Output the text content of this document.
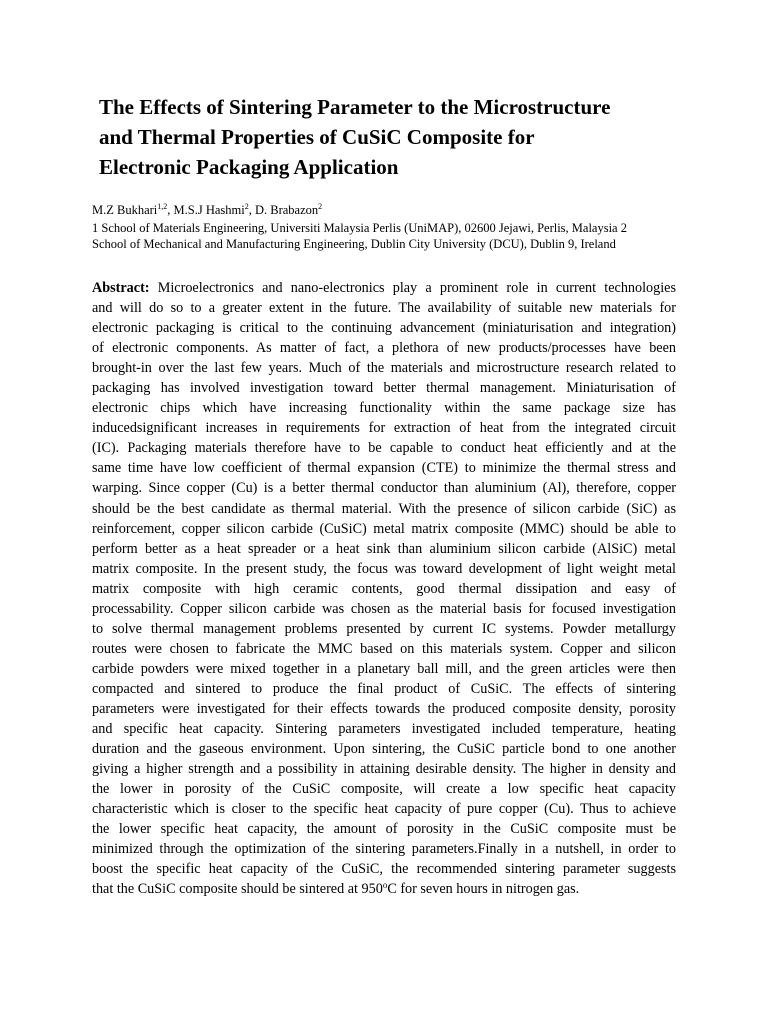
The Effects of Sintering Parameter to the Microstructure
and Thermal Properties of CuSiC Composite for
Electronic Packaging Application
M.Z Bukhari$^{1,2}$, M.S.J Hashmi$^2$, D. Brabazon$^2$
1 School of Materials Engineering, Universiti Malaysia Perlis (UniMAP), 02600 Jejawi, Perlis, Malaysia 2
School of Mechanical and Manufacturing Engineering, Dublin City University (DCU), Dublin 9, Ireland
Abstract: Microelectronics and nano-electronics play a prominent role in current technologies
and will do so to a greater extent in the future. The availability of suitable new materials for
electronic packaging is critical to the continuing advancement (miniaturisation and integration)
of electronic components. As matter of fact, a plethora of new products/processes have been
brought-in over the last few years. Much of the materials and microstructure research related to
packaging has involved investigation toward better thermal management. Miniaturisation of
electronic chips which have increasing functionality within the same package size has
inducedsignificant increases in requirements for extraction of heat from the integrated circuit
(IC). Packaging materials therefore have to be capable to conduct heat efficiently and at the
same time have low coefficient of thermal expansion (CTE) to minimize the thermal stress and
warping. Since copper (Cu) is a better thermal conductor than aluminium (Al), therefore, copper
should be the best candidate as thermal material. With the presence of silicon carbide (SiC) as
reinforcement, copper silicon carbide (CuSiC) metal matrix composite (MMC) should be able to
perform better as a heat spreader or a heat sink than aluminium silicon carbide (AlSiC) metal
matrix composite. In the present study, the focus was toward development of light weight metal
matrix composite with high ceramic contents, good thermal dissipation and easy of
processability. Copper silicon carbide was chosen as the material basis for focused investigation
to solve thermal management problems presented by current IC systems. Powder metallurgy
routes were chosen to fabricate the MMC based on this materials system. Copper and silicon
carbide powders were mixed together in a planetary ball mill, and the green articles were then
compacted and sintered to produce the final product of CuSiC. The effects of sintering
parameters were investigated for their effects towards the produced composite density, porosity
and specific heat capacity. Sintering parameters investigated included temperature, heating
duration and the gaseous environment. Upon sintering, the CuSiC particle bond to one another
giving a higher strength and a possibility in attaining desirable density. The higher in density and
the lower in porosity of the CuSiC composite, will create a low specific heat capacity
characteristic which is closer to the specific heat capacity of pure copper (Cu). Thus to achieve
the lower specific heat capacity, the amount of porosity in the CuSiC composite must be
minimized through the optimization of the sintering parameters.Finally in a nutshell, in order to
boost the specific heat capacity of the CuSiC, the recommended sintering parameter suggests
that the CuSiC composite should be sintered at 950$^o$C for seven hours in nitrogen gas.
